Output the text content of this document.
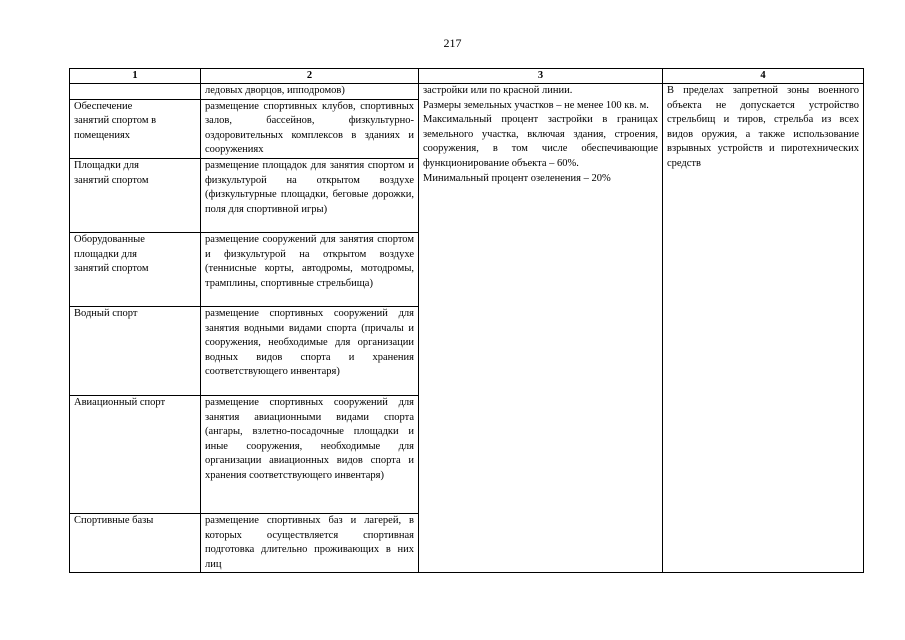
217
1	2	3	4
	ледовых дворцов, ипподромов)	застройки или по красной линии.
Размеры земельных участков – не менее 100 кв. м.
Максимальный процент застройки в границах земельного участка, включая здания, строения, сооружения, в том числе обеспечивающие функционирование объекта – 60%.
Минимальный процент озеленения – 20%	В пределах запретной зоны военного объекта не допускается устройство стрельбищ и тиров, стрельба из всех видов оружия, а также использование взрывных устройств и пиротехнических средств

Обеспечение
занятий спортом в
помещениях	размещение спортивных клубов, спортивных залов, бассейнов, физкультурно-оздоровительных комплексов в зданиях и сооружениях		
Площадки для
занятий спортом	размещение площадок для занятия спортом и физкультурой на открытом воздухе (физкультурные площадки, беговые дорожки, поля для спортивной игры)		
Оборудованные
площадки для
занятий спортом	размещение сооружений для занятия спортом и физкультурой на открытом воздухе (теннисные корты, автодромы, мотодромы, трамплины, спортивные стрельбища)		
Водный спорт	размещение спортивных сооружений для занятия водными видами спорта (причалы и сооружения, необходимые для организации водных видов спорта и хранения соответствующего инвентаря)		
Авиационный спорт	размещение спортивных сооружений для занятия авиационными видами спорта (ангары, взлетно-посадочные площадки и иные сооружения, необходимые для организации авиационных видов спорта и хранения соответствующего инвентаря)		
Спортивные базы	размещение спортивных баз и лагерей, в которых осуществляется спортивная подготовка длительно проживающих в них лиц		
